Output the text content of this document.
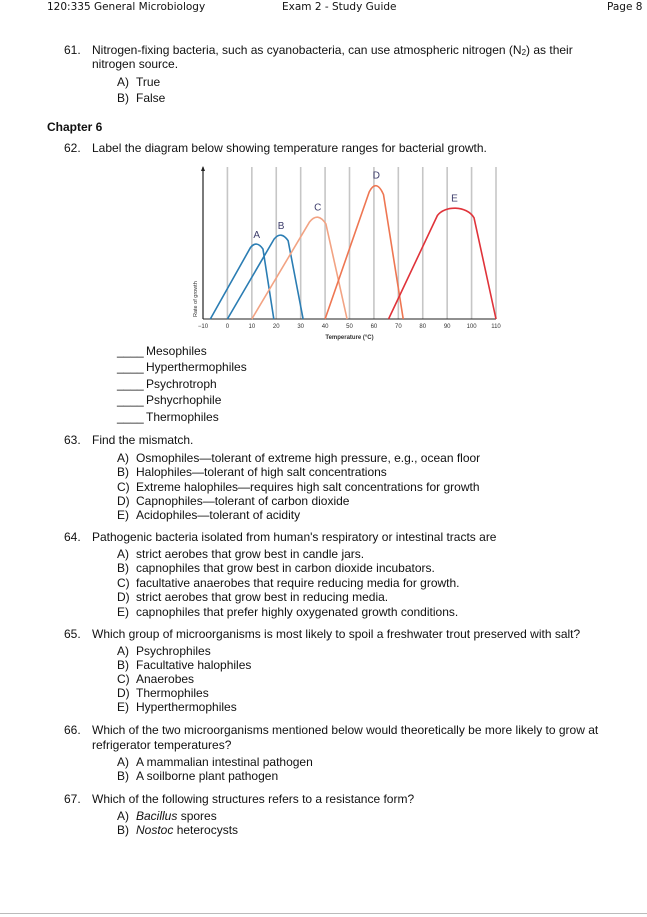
120:335 General Microbiology	Exam 2 - Study Guide	Page 8
61. Nitrogen-fixing bacteria, such as cyanobacteria, can use atmospheric nitrogen $(N_2)$ as their
nitrogen source.
A) True
B) False
Chapter 6
62. Label the diagram below showing temperature ranges for bacterial growth.
−10	0	10	20	30	40	50	60	70	80	90	100 110
Temperature (°C)
Rate of growth
A
B
C
D
E
____ Mesophiles
____ Hyperthermophiles
____ Psychrotroph
____ Pshycrhophile
____ Thermophiles
63. Find the mismatch.
A) Osmophiles—tolerant of extreme high pressure, e.g., ocean floor
B) Halophiles—tolerant of high salt concentrations
C) Extreme halophiles—requires high salt concentrations for growth
D) Capnophiles—tolerant of carbon dioxide
E) Acidophiles—tolerant of acidity
64. Pathogenic bacteria isolated from human's respiratory or intestinal tracts are
A) strict aerobes that grow best in candle jars.
B) capnophiles that grow best in carbon dioxide incubators.
C) facultative anaerobes that require reducing media for growth.
D) strict aerobes that grow best in reducing media.
E) capnophiles that prefer highly oxygenated growth conditions.
65. Which group of microorganisms is most likely to spoil a freshwater trout preserved with salt?
A) Psychrophiles
B) Facultative halophiles
C) Anaerobes
D) Thermophiles
E) Hyperthermophiles
66. Which of the two microorganisms mentioned below would theoretically be more likely to grow at
refrigerator temperatures?
A) A mammalian intestinal pathogen
B) A soilborne plant pathogen
67. Which of the following structures refers to a resistance form?
A) Bacillus spores
B) Nostoc heterocysts
